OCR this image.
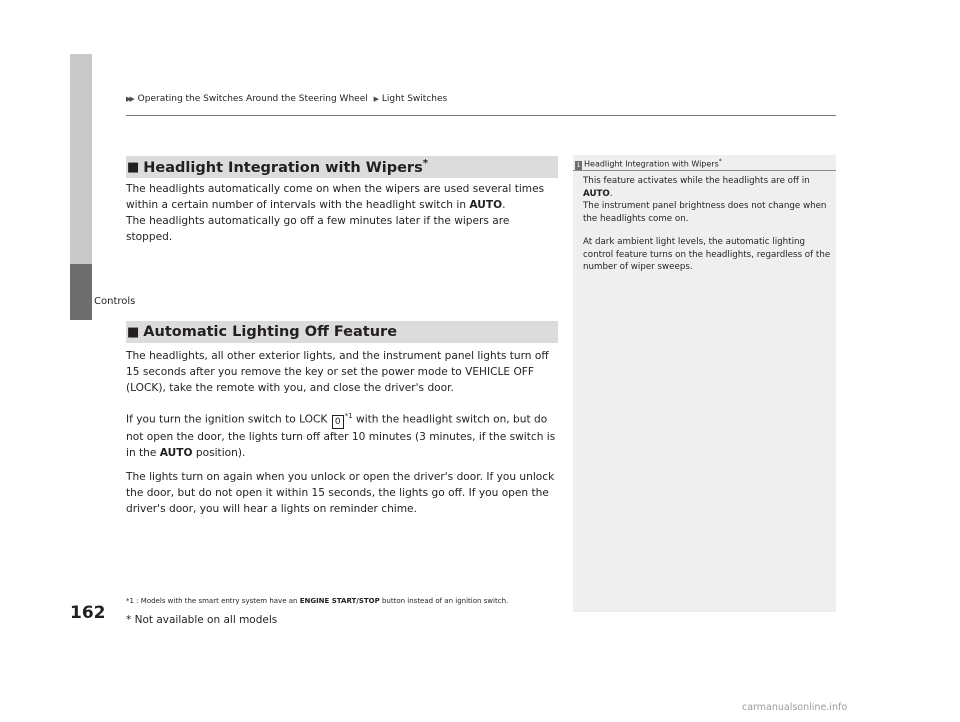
Controls
162
▶▶ Operating the Switches Around the Steering Wheel ▶ Light Switches
■ Headlight Integration with Wipers*
The headlights automatically come on when the wipers are used several times within a certain number of intervals with the headlight switch in AUTO.
The headlights automatically go off a few minutes later if the wipers are stopped.
■ Automatic Lighting Off Feature
The headlights, all other exterior lights, and the instrument panel lights turn off 15 seconds after you remove the key or set the power mode to VEHICLE OFF (LOCK), take the remote with you, and close the driver's door.
If you turn the ignition switch to LOCK 0$^{*1}$ with the headlight switch on, but do not open the door, the lights turn off after 10 minutes (3 minutes, if the switch is in the AUTO position).
The lights turn on again when you unlock or open the driver's door. If you unlock the door, but do not open it within 15 seconds, the lights go off. If you open the driver's door, you will hear a lights on reminder chime.
*1 : Models with the smart entry system have an ENGINE START/STOP button instead of an ignition switch.
* Not available on all models
1 Headlight Integration with Wipers*
This feature activates while the headlights are off in AUTO.
The instrument panel brightness does not change when the headlights come on.
At dark ambient light levels, the automatic lighting control feature turns on the headlights, regardless of the number of wiper sweeps.
carmanualsonline.info
